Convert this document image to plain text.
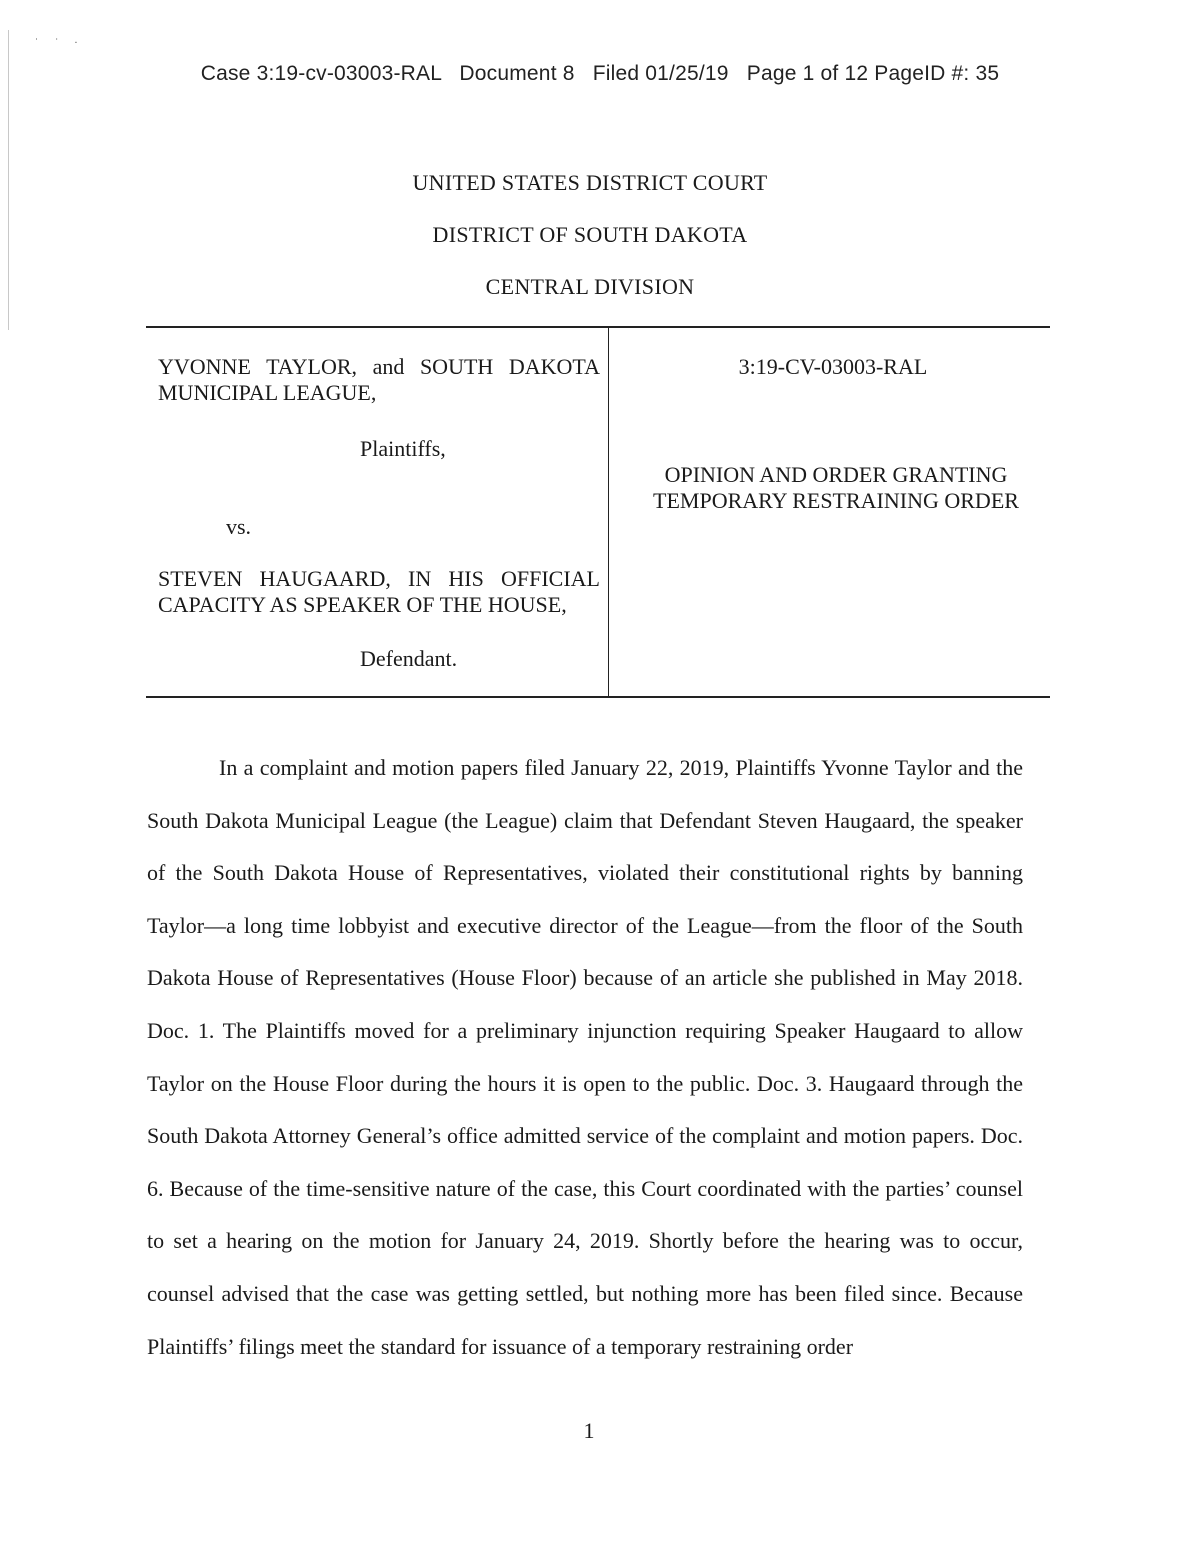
˙ ˙ ·
Case 3:19-cv-03003-RAL   Document 8   Filed 01/25/19   Page 1 of 12 PageID #: 35
UNITED STATES DISTRICT COURT
DISTRICT OF SOUTH DAKOTA
CENTRAL DIVISION
YVONNE TAYLOR, and SOUTH DAKOTA
MUNICIPAL LEAGUE,
Plaintiffs,
vs.
STEVEN HAUGAARD, IN HIS OFFICIAL
CAPACITY AS SPEAKER OF THE HOUSE,
Defendant.
3:19-CV-03003-RAL
OPINION AND ORDER GRANTING TEMPORARY RESTRAINING ORDER
In a complaint and motion papers filed January 22, 2019, Plaintiffs Yvonne Taylor and the South Dakota Municipal League (the League) claim that Defendant Steven Haugaard, the speaker of the South Dakota House of Representatives, violated their constitutional rights by banning Taylor—a long time lobbyist and executive director of the League—from the floor of the South Dakota House of Representatives (House Floor) because of an article she published in May 2018. Doc. 1. The Plaintiffs moved for a preliminary injunction requiring Speaker Haugaard to allow Taylor on the House Floor during the hours it is open to the public. Doc. 3. Haugaard through the South Dakota Attorney General’s office admitted service of the complaint and motion papers. Doc. 6. Because of the time-sensitive nature of the case, this Court coordinated with the parties’ counsel to set a hearing on the motion for January 24, 2019. Shortly before the hearing was to occur, counsel advised that the case was getting settled, but nothing more has been filed since. Because Plaintiffs’ filings meet the standard for issuance of a temporary restraining order
1
